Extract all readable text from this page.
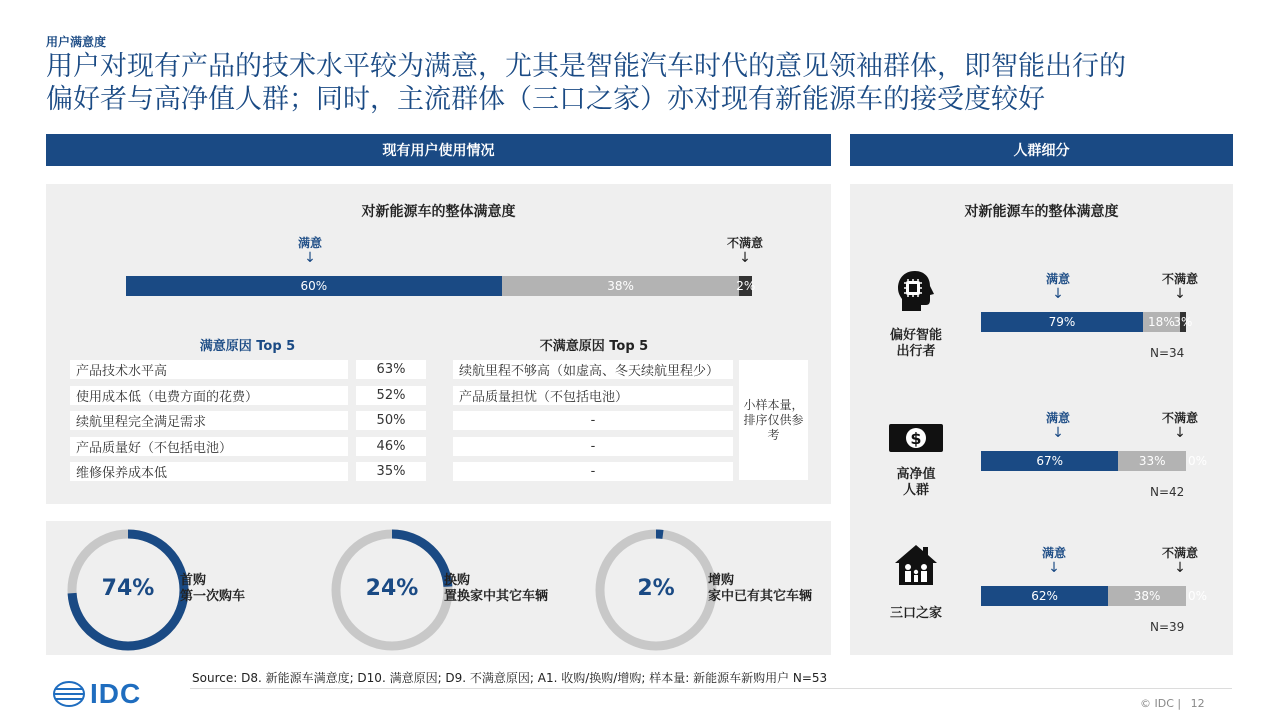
用户满意度
用户对现有产品的技术水平较为满意，尤其是智能汽车时代的意见领袖群体，即智能出行的
偏好者与高净值人群；同时，主流群体（三口之家）亦对现有新能源车的接受度较好
现有用户使用情况	人群细分
对新能源车的整体满意度
满意
↓
不满意
↓
60%	38%	2%
满意原因 Top 5
产品技术水平高	63%
使用成本低（电费方面的花费）	52%
续航里程完全满足需求	50%
产品质量好（不包括电池）	46%
维修保养成本低	35%
不满意原因 Top 5
续航里程不够高（如虚高、冬天续航里程少）
产品质量担忧（不包括电池）
-
-
-
小样本量，排序仅供参考
74%	首购
第一次购车	24%	换购
置换家中其它车辆	2%	增购
家中已有其它车辆
对新能源车的整体满意度
偏好智能
出行者
满意
↓
不满意
↓
79%	18%
3%
N=34
$
高净值
人群
满意
↓
不满意
↓
67%	33% 0%
N=42
三口之家
满意
↓
不满意
↓
62%	38% 0%
N=39
Source: D8. 新能源车满意度; D10. 满意原因; D9. 不满意原因; A1. 收购/换购/增购; 样本量: 新能源车新购用户 N=53
IDC	© IDC | 12
